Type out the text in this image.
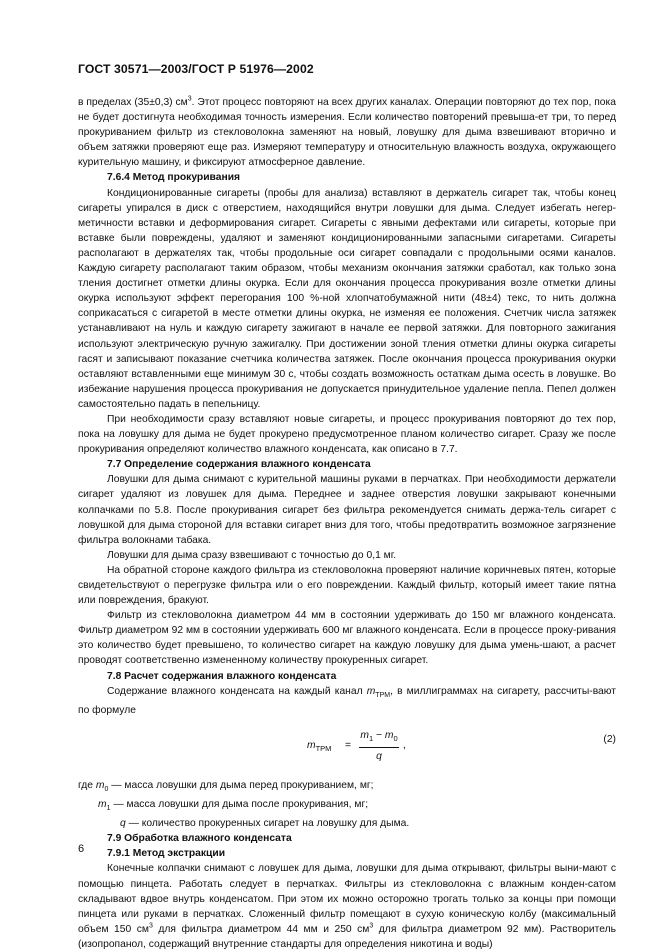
ГОСТ 30571—2003/ГОСТ Р 51976—2002

в пределах (35±0,3) $см^3$. Этот процесс повторяют на всех других каналах. Операции повторяют до тех пор, пока не будет достигнута необходимая точность измерения. Если количество повторений превыша-ет три, то перед прокуриванием фильтр из стекловолокна заменяют на новый, ловушку для дыма взвешивают вторично и объем затяжки проверяют еще раз. Измеряют температуру и относительную влажность воздуха, окружающего курительную машину, и фиксируют атмосферное давление.

7.6.4 Метод прокуривания

Кондиционированные сигареты (пробы для анализа) вставляют в держатель сигарет так, чтобы конец сигареты упирался в диск с отверстием, находящийся внутри ловушки для дыма. Следует избегать негер-метичности вставки и деформирования сигарет. Сигареты с явными дефектами или сигареты, которые при вставке были повреждены, удаляют и заменяют кондиционированными запасными сигаретами. Сигареты располагают в держателях так, чтобы продольные оси сигарет совпадали с продольными осями каналов. Каждую сигарету располагают таким образом, чтобы механизм окончания затяжки сработал, как только зона тления достигнет отметки длины окурка. Если для окончания процесса прокуривания возле отметки длины окурка используют эффект перегорания 100 %-ной хлопчатобумажной нити (48±4) текс, то нить должна соприкасаться с сигаретой в месте отметки длины окурка, не изменяя ее положения. Счетчик числа затяжек устанавливают на нуль и каждую сигарету зажигают в начале ее первой затяжки. Для повторного зажигания используют электрическую ручную зажигалку. При достижении зоной тления отметки длины окурка сигареты гасят и записывают показание счетчика количества затяжек. После окончания процесса прокуривания окурки оставляют вставленными еще минимум 30 с, чтобы создать возможность остаткам дыма осесть в ловушке. Во избежание нарушения процесса прокуривания не допускается принудительное удаление пепла. Пепел должен самостоятельно падать в пепельницу.

При необходимости сразу вставляют новые сигареты, и процесс прокуривания повторяют до тех пор, пока на ловушку для дыма не будет прокурено предусмотренное планом количество сигарет. Сразу же после прокуривания определяют количество влажного конденсата, как описано в 7.7.

7.7 Определение содержания влажного конденсата

Ловушки для дыма снимают с курительной машины руками в перчатках. При необходимости держатели сигарет удаляют из ловушек для дыма. Переднее и заднее отверстия ловушки закрывают конечными колпачками по 5.8. После прокуривания сигарет без фильтра рекомендуется снимать держа-тель сигарет с ловушкой для дыма стороной для вставки сигарет вниз для того, чтобы предотвратить возможное загрязнение фильтра волокнами табака.

Ловушки для дыма сразу взвешивают с точностью до 0,1 мг.

На обратной стороне каждого фильтра из стекловолокна проверяют наличие коричневых пятен, которые свидетельствуют о перегрузке фильтра или о его повреждении. Каждый фильтр, который имеет такие пятна или повреждения, бракуют.

Фильтр из стекловолокна диаметром 44 мм в состоянии удерживать до 150 мг влажного конденсата. Фильтр диаметром 92 мм в состоянии удерживать 600 мг влажного конденсата. Если в процессе проку-ривания это количество будет превышено, то количество сигарет на каждую ловушку для дыма умень-шают, а расчет проводят соответственно измененному количеству прокуренных сигарет.

7.8 Расчет содержания влажного конденсата

Содержание влажного конденсата на каждый канал $m_{TPM}$, в миллиграммах на сигарету, рассчиты-вают по формуле

$m_{TPM} = \frac{m_1 - m_0}{q}$ ,
(2)

где $m_0$ — масса ловушки для дыма перед прокуриванием, мг;

$m_1$ — масса ловушки для дыма после прокуривания, мг;

q — количество прокуренных сигарет на ловушку для дыма.

7.9 Обработка влажного конденсата

7.9.1 Метод экстракции

Конечные колпачки снимают с ловушек для дыма, ловушки для дыма открывают, фильтры выни-мают с помощью пинцета. Работать следует в перчатках. Фильтры из стекловолокна с влажным конден-сатом складывают вдвое внутрь конденсатом. При этом их можно осторожно трогать только за концы при помощи пинцета или руками в перчатках. Сложенный фильтр помещают в сухую коническую колбу (максимальный объем 150 $см^3$ для фильтра диаметром 44 мм и 250 $см^3$ для фильтра диаметром 92 мм). Растворитель (изопропанол, содержащий внутренние стандарты для определения никотина и воды)

6
